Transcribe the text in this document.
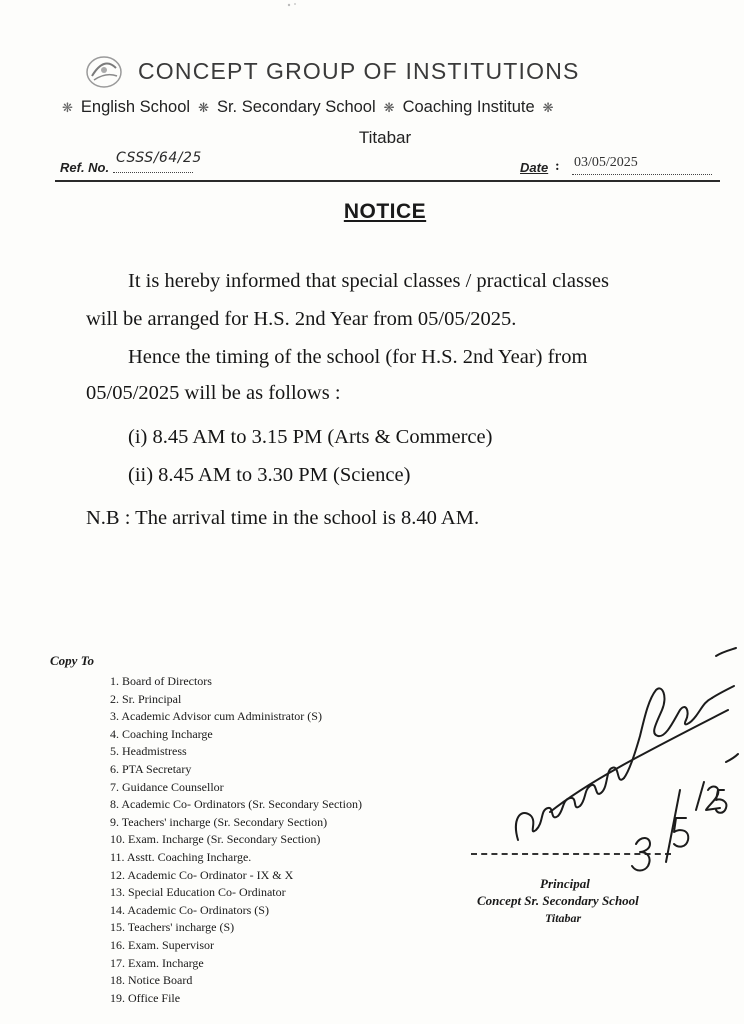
CONCEPT GROUP OF INSTITUTIONS
❋ English School ❋ Sr. Secondary School ❋ Coaching Institute ❋
Titabar
Ref. No.
CSSS/64/25
Date : 03/05/2025
NOTICE
It is hereby informed that special classes / practical classes
will be arranged for H.S. 2nd Year from 05/05/2025.
Hence the timing of the school (for H.S. 2nd Year) from
05/05/2025 will be as follows :
(i) 8.45 AM to 3.15 PM (Arts & Commerce)
(ii) 8.45 AM to 3.30 PM (Science)
N.B : The arrival time in the school is 8.40 AM.
Copy To
1. Board of Directors
2. Sr. Principal
3. Academic Advisor cum Administrator (S)
4. Coaching Incharge
5. Headmistress
6. PTA Secretary
7. Guidance Counsellor
8. Academic Co- Ordinators (Sr. Secondary Section)
9. Teachers' incharge (Sr. Secondary Section)
10. Exam. Incharge (Sr. Secondary Section)
11. Asstt. Coaching Incharge.
12. Academic Co- Ordinator - IX & X
13. Special Education Co- Ordinator
14. Academic Co- Ordinators (S)
15. Teachers' incharge (S)
16. Exam. Supervisor
17. Exam. Incharge
18. Notice Board
19. Office File
Principal
Concept Sr. Secondary School
Titabar
